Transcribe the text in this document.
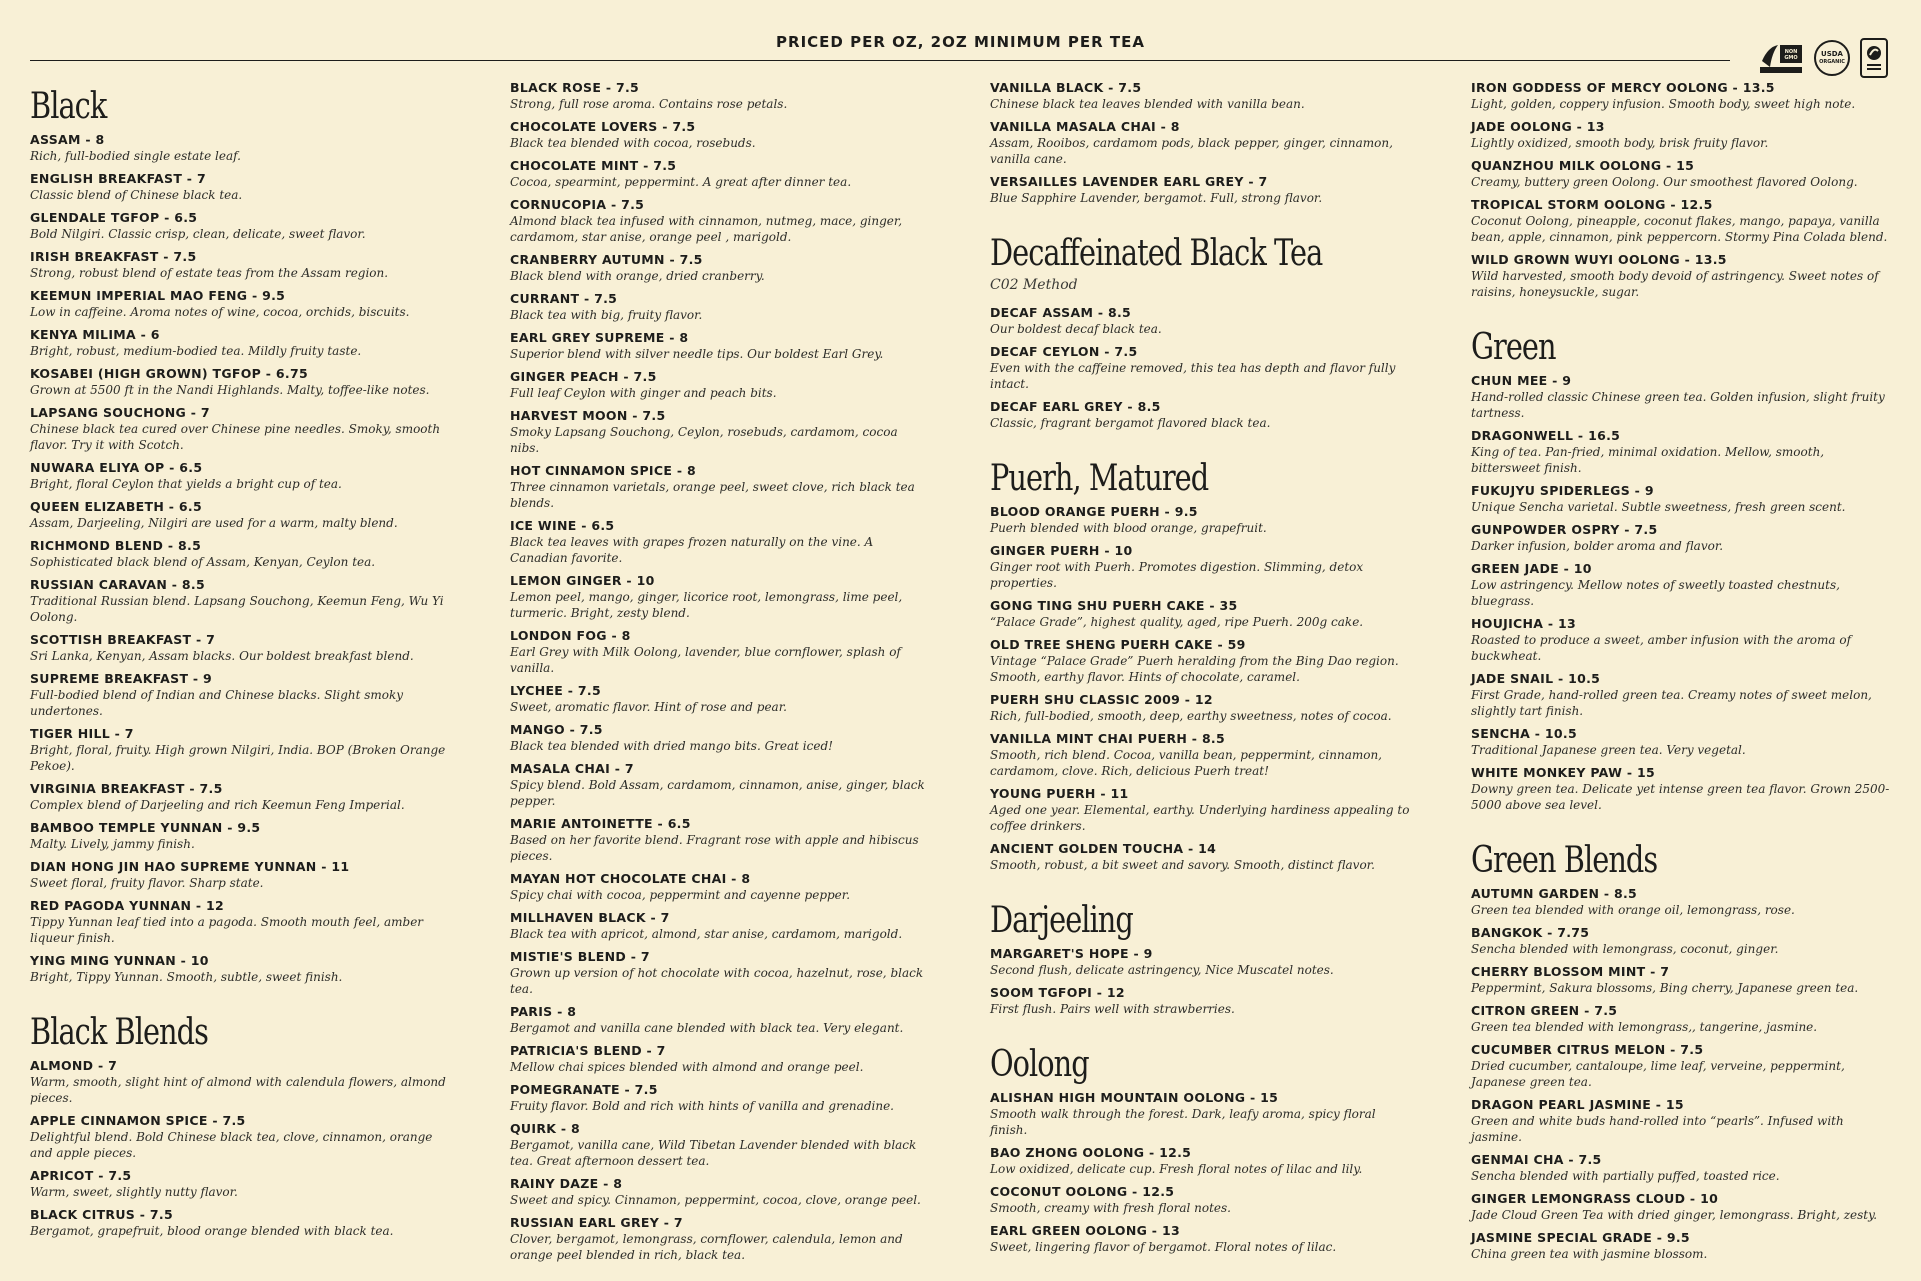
PRICED PER OZ, 2OZ MINIMUM PER TEA
NON
GMO	USDA
ORGANIC
Black
ASSAM - 8
Rich, full-bodied single estate leaf.
ENGLISH BREAKFAST - 7
Classic blend of Chinese black tea.
GLENDALE TGFOP - 6.5
Bold Nilgiri. Classic crisp, clean, delicate, sweet flavor.
IRISH BREAKFAST - 7.5
Strong, robust blend of estate teas from the Assam region.
KEEMUN IMPERIAL MAO FENG - 9.5
Low in caffeine. Aroma notes of wine, cocoa, orchids, biscuits.
KENYA MILIMA - 6
Bright, robust, medium-bodied tea. Mildly fruity taste.
KOSABEI (HIGH GROWN) TGFOP - 6.75
Grown at 5500 ft in the Nandi Highlands. Malty, toffee-like notes.
LAPSANG SOUCHONG - 7
Chinese black tea cured over Chinese pine needles. Smoky, smooth flavor. Try it with Scotch.
NUWARA ELIYA OP - 6.5
Bright, floral Ceylon that yields a bright cup of tea.
QUEEN ELIZABETH - 6.5
Assam, Darjeeling, Nilgiri are used for a warm, malty blend.
RICHMOND BLEND - 8.5
Sophisticated black blend of Assam, Kenyan, Ceylon tea.
RUSSIAN CARAVAN - 8.5
Traditional Russian blend. Lapsang Souchong, Keemun Feng, Wu Yi Oolong.
SCOTTISH BREAKFAST - 7
Sri Lanka, Kenyan, Assam blacks. Our boldest breakfast blend.
SUPREME BREAKFAST - 9
Full-bodied blend of Indian and Chinese blacks. Slight smoky undertones.
TIGER HILL - 7
Bright, floral, fruity. High grown Nilgiri, India. BOP (Broken Orange Pekoe).
VIRGINIA BREAKFAST - 7.5
Complex blend of Darjeeling and rich Keemun Feng Imperial.
BAMBOO TEMPLE YUNNAN - 9.5
Malty. Lively, jammy finish.
DIAN HONG JIN HAO SUPREME YUNNAN - 11
Sweet floral, fruity flavor. Sharp state.
RED PAGODA YUNNAN - 12
Tippy Yunnan leaf tied into a pagoda. Smooth mouth feel, amber liqueur finish.
YING MING YUNNAN - 10
Bright, Tippy Yunnan. Smooth, subtle, sweet finish.
Black Blends
ALMOND - 7
Warm, smooth, slight hint of almond with calendula flowers, almond pieces.
APPLE CINNAMON SPICE - 7.5
Delightful blend. Bold Chinese black tea, clove, cinnamon, orange and apple pieces.
APRICOT - 7.5
Warm, sweet, slightly nutty flavor.
BLACK CITRUS - 7.5
Bergamot, grapefruit, blood orange blended with black tea.
BLACK ROSE - 7.5
Strong, full rose aroma. Contains rose petals.
CHOCOLATE LOVERS - 7.5
Black tea blended with cocoa, rosebuds.
CHOCOLATE MINT - 7.5
Cocoa, spearmint, peppermint. A great after dinner tea.
CORNUCOPIA - 7.5
Almond black tea infused with cinnamon, nutmeg, mace, ginger, cardamom, star anise, orange peel , marigold.
CRANBERRY AUTUMN - 7.5
Black blend with orange, dried cranberry.
CURRANT - 7.5
Black tea with big, fruity flavor.
EARL GREY SUPREME - 8
Superior blend with silver needle tips. Our boldest Earl Grey.
GINGER PEACH - 7.5
Full leaf Ceylon with ginger and peach bits.
HARVEST MOON - 7.5
Smoky Lapsang Souchong, Ceylon, rosebuds, cardamom, cocoa nibs.
HOT CINNAMON SPICE - 8
Three cinnamon varietals, orange peel, sweet clove, rich black tea blends.
ICE WINE - 6.5
Black tea leaves with grapes frozen naturally on the vine. A Canadian favorite.
LEMON GINGER - 10
Lemon peel, mango, ginger, licorice root, lemongrass, lime peel, turmeric. Bright, zesty blend.
LONDON FOG - 8
Earl Grey with Milk Oolong, lavender, blue cornflower, splash of vanilla.
LYCHEE - 7.5
Sweet, aromatic flavor. Hint of rose and pear.
MANGO - 7.5
Black tea blended with dried mango bits. Great iced!
MASALA CHAI - 7
Spicy blend. Bold Assam, cardamom, cinnamon, anise, ginger, black pepper.
MARIE ANTOINETTE - 6.5
Based on her favorite blend. Fragrant rose with apple and hibiscus pieces.
MAYAN HOT CHOCOLATE CHAI - 8
Spicy chai with cocoa, peppermint and cayenne pepper.
MILLHAVEN BLACK - 7
Black tea with apricot, almond, star anise, cardamom, marigold.
MISTIE'S BLEND - 7
Grown up version of hot chocolate with cocoa, hazelnut, rose, black tea.
PARIS - 8
Bergamot and vanilla cane blended with black tea. Very elegant.
PATRICIA'S BLEND - 7
Mellow chai spices blended with almond and orange peel.
POMEGRANATE - 7.5
Fruity flavor. Bold and rich with hints of vanilla and grenadine.
QUIRK - 8
Bergamot, vanilla cane, Wild Tibetan Lavender blended with black tea. Great afternoon dessert tea.
RAINY DAZE - 8
Sweet and spicy. Cinnamon, peppermint, cocoa, clove, orange peel.
RUSSIAN EARL GREY - 7
Clover, bergamot, lemongrass, cornflower, calendula, lemon and orange peel blended in rich, black tea.
VANILLA BLACK - 7.5
Chinese black tea leaves blended with vanilla bean.
VANILLA MASALA CHAI - 8
Assam, Rooibos, cardamom pods, black pepper, ginger, cinnamon, vanilla cane.
VERSAILLES LAVENDER EARL GREY - 7
Blue Sapphire Lavender, bergamot. Full, strong flavor.
Decaffeinated Black Tea
C02 Method
DECAF ASSAM - 8.5
Our boldest decaf black tea.
DECAF CEYLON - 7.5
Even with the caffeine removed, this tea has depth and flavor fully intact.
DECAF EARL GREY - 8.5
Classic, fragrant bergamot flavored black tea.
Puerh, Matured
BLOOD ORANGE PUERH - 9.5
Puerh blended with blood orange, grapefruit.
GINGER PUERH - 10
Ginger root with Puerh. Promotes digestion. Slimming, detox properties.
GONG TING SHU PUERH CAKE - 35
“Palace Grade”, highest quality, aged, ripe Puerh. 200g cake.
OLD TREE SHENG PUERH CAKE - 59
Vintage “Palace Grade” Puerh heralding from the Bing Dao region. Smooth, earthy flavor. Hints of chocolate, caramel.
PUERH SHU CLASSIC 2009 - 12
Rich, full-bodied, smooth, deep, earthy sweetness, notes of cocoa.
VANILLA MINT CHAI PUERH - 8.5
Smooth, rich blend. Cocoa, vanilla bean, peppermint, cinnamon, cardamom, clove. Rich, delicious Puerh treat!
YOUNG PUERH - 11
Aged one year. Elemental, earthy. Underlying hardiness appealing to coffee drinkers.
ANCIENT GOLDEN TOUCHA - 14
Smooth, robust, a bit sweet and savory. Smooth, distinct flavor.
Darjeeling
MARGARET'S HOPE - 9
Second flush, delicate astringency, Nice Muscatel notes.
SOOM TGFOPI - 12
First flush. Pairs well with strawberries.
Oolong
ALISHAN HIGH MOUNTAIN OOLONG - 15
Smooth walk through the forest. Dark, leafy aroma, spicy floral finish.
BAO ZHONG OOLONG - 12.5
Low oxidized, delicate cup. Fresh floral notes of lilac and lily.
COCONUT OOLONG - 12.5
Smooth, creamy with fresh floral notes.
EARL GREEN OOLONG - 13
Sweet, lingering flavor of bergamot. Floral notes of lilac.
IRON GODDESS OF MERCY OOLONG - 13.5
Light, golden, coppery infusion. Smooth body, sweet high note.
JADE OOLONG - 13
Lightly oxidized, smooth body, brisk fruity flavor.
QUANZHOU MILK OOLONG - 15
Creamy, buttery green Oolong. Our smoothest flavored Oolong.
TROPICAL STORM OOLONG - 12.5
Coconut Oolong, pineapple, coconut flakes, mango, papaya, vanilla bean, apple, cinnamon, pink peppercorn. Stormy Pina Colada blend.
WILD GROWN WUYI OOLONG - 13.5
Wild harvested, smooth body devoid of astringency. Sweet notes of raisins, honeysuckle, sugar.
Green
CHUN MEE - 9
Hand-rolled classic Chinese green tea. Golden infusion, slight fruity tartness.
DRAGONWELL - 16.5
King of tea. Pan-fried, minimal oxidation. Mellow, smooth, bittersweet finish.
FUKUJYU SPIDERLEGS - 9
Unique Sencha varietal. Subtle sweetness, fresh green scent.
GUNPOWDER OSPRY - 7.5
Darker infusion, bolder aroma and flavor.
GREEN JADE - 10
Low astringency. Mellow notes of sweetly toasted chestnuts, bluegrass.
HOUJICHA - 13
Roasted to produce a sweet, amber infusion with the aroma of buckwheat.
JADE SNAIL - 10.5
First Grade, hand-rolled green tea. Creamy notes of sweet melon, slightly tart finish.
SENCHA - 10.5
Traditional Japanese green tea. Very vegetal.
WHITE MONKEY PAW - 15
Downy green tea. Delicate yet intense green tea flavor. Grown 2500-5000 above sea level.
Green Blends
AUTUMN GARDEN - 8.5
Green tea blended with orange oil, lemongrass, rose.
BANGKOK - 7.75
Sencha blended with lemongrass, coconut, ginger.
CHERRY BLOSSOM MINT - 7
Peppermint, Sakura blossoms, Bing cherry, Japanese green tea.
CITRON GREEN - 7.5
Green tea blended with lemongrass,, tangerine, jasmine.
CUCUMBER CITRUS MELON - 7.5
Dried cucumber, cantaloupe, lime leaf, verveine, peppermint, Japanese green tea.
DRAGON PEARL JASMINE - 15
Green and white buds hand-rolled into “pearls”. Infused with jasmine.
GENMAI CHA - 7.5
Sencha blended with partially puffed, toasted rice.
GINGER LEMONGRASS CLOUD - 10
Jade Cloud Green Tea with dried ginger, lemongrass. Bright, zesty.
JASMINE SPECIAL GRADE - 9.5
China green tea with jasmine blossom.
